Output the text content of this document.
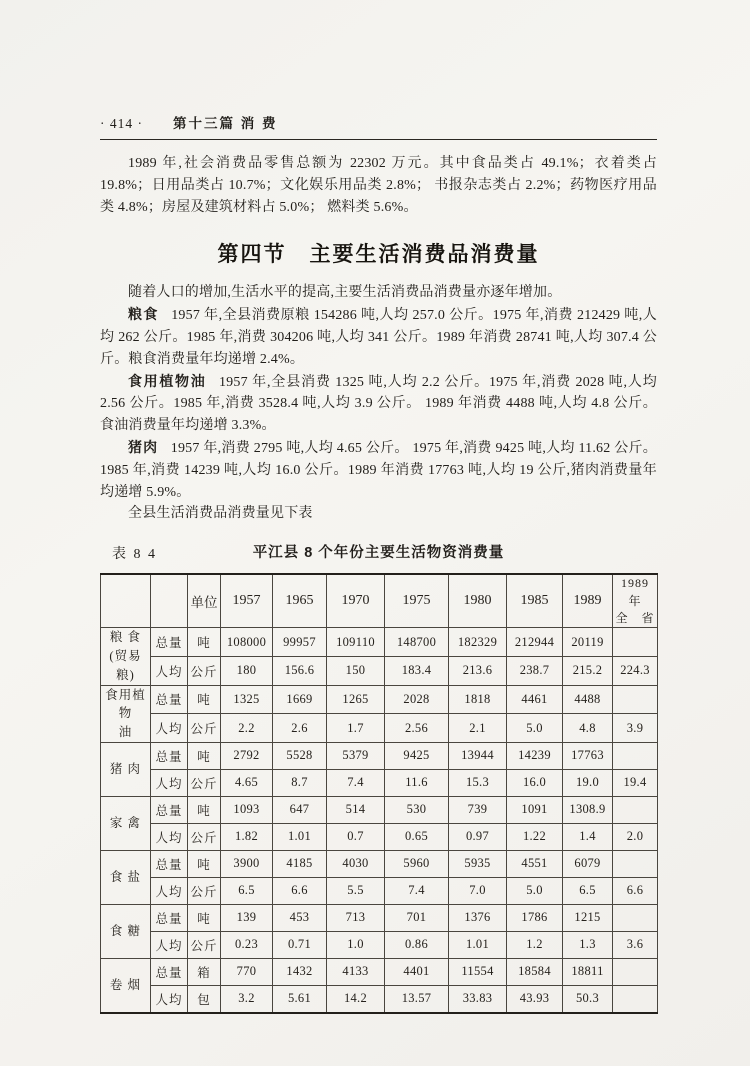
· 414 · 第十三篇 消 费

1989 年,社会消费品零售总额为 22302 万元。其中食品类占 49.1%；衣着类占 19.8%；日用品类占 10.7%；文化娱乐用品类 2.8%； 书报杂志类占 2.2%；药物医疗用品类 4.8%；房屋及建筑材料占 5.0%； 燃料类 5.6%。

第四节 主要生活消费品消费量

随着人口的增加,生活水平的提高,主要生活消费品消费量亦逐年增加。

粮食 1957 年,全县消费原粮 154286 吨,人均 257.0 公斤。1975 年,消费 212429 吨,人均 262 公斤。1985 年,消费 304206 吨,人均 341 公斤。1989 年消费 28741 吨,人均 307.4 公斤。粮食消费量年均递增 2.4%。

食用植物油 1957 年,全县消费 1325 吨,人均 2.2 公斤。1975 年,消费 2028 吨,人均 2.56 公斤。1985 年,消费 3528.4 吨,人均 3.9 公斤。 1989 年消费 4488 吨,人均 4.8 公斤。 食油消费量年均递增 3.3%。

猪肉 1957 年,消费 2795 吨,人均 4.65 公斤。 1975 年,消费 9425 吨,人均 11.62 公斤。1985 年,消费 14239 吨,人均 16.0 公斤。1989 年消费 17763 吨,人均 19 公斤,猪肉消费量年均递增 5.9%。

全县生活消费品消费量见下表

表 8 4	平江县 8 个年份主要生活物资消费量
		单位	1957	1965	1970	1975	1980	1985	1989	1989 年
全　省
粮 食
(贸易粮)	总量	吨	108000	99957	109110	148700	182329	212944	20119	
	人均	公斤	180	156.6	150	183.4	213.6	238.7	215.2	224.3
食用植物
油	总量	吨	1325	1669	1265	2028	1818	4461	4488	
	人均	公斤	2.2	2.6	1.7	2.56	2.1	5.0	4.8	3.9
猪 肉	总量	吨	2792	5528	5379	9425	13944	14239	17763	
	人均	公斤	4.65	8.7	7.4	11.6	15.3	16.0	19.0	19.4
家 禽	总量	吨	1093	647	514	530	739	1091	1308.9	
	人均	公斤	1.82	1.01	0.7	0.65	0.97	1.22	1.4	2.0
食 盐	总量	吨	3900	4185	4030	5960	5935	4551	6079	
	人均	公斤	6.5	6.6	5.5	7.4	7.0	5.0	6.5	6.6
食 糖	总量	吨	139	453	713	701	1376	1786	1215	
	人均	公斤	0.23	0.71	1.0	0.86	1.01	1.2	1.3	3.6
卷 烟	总量	箱	770	1432	4133	4401	11554	18584	18811	
	人均	包	3.2	5.61	14.2	13.57	33.83	43.93	50.3	
